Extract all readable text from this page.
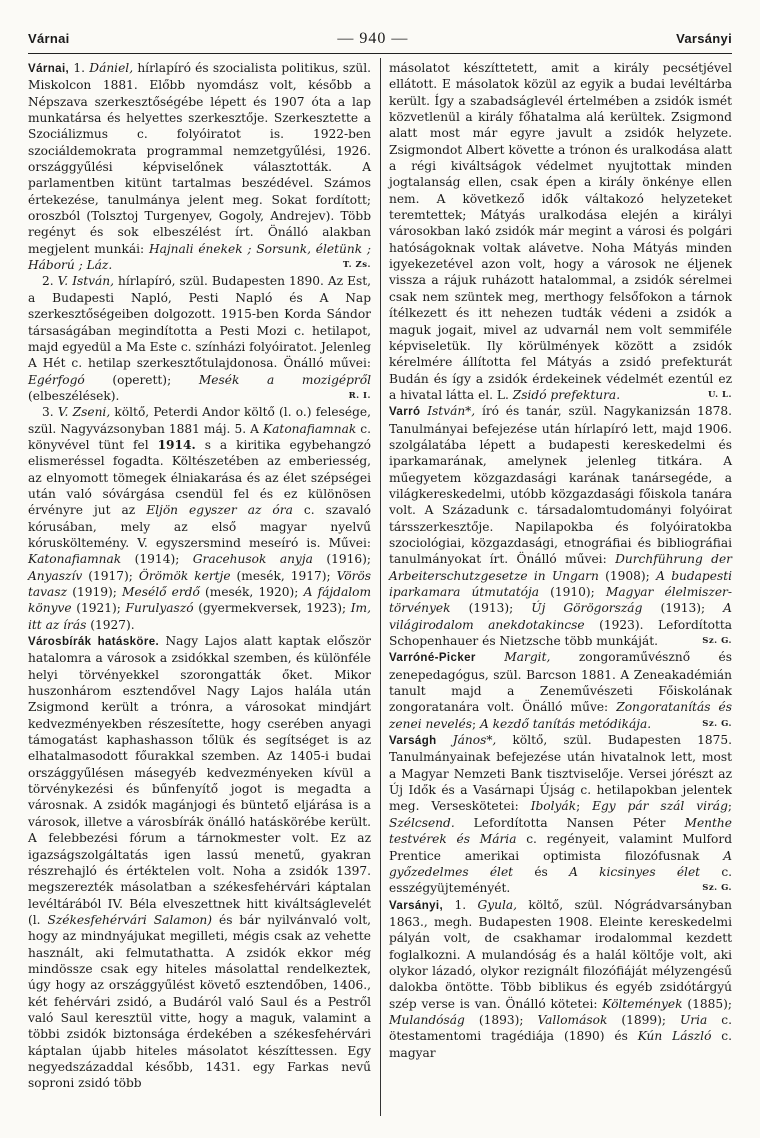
Várnai	— 940 —	Varsányi

Várnai, 1. Dániel, hírlapíró és szocialista politikus, szül. Miskolcon 1881. Előbb nyomdász volt, később a Népszava szerkesztőségébe lépett és 1907 óta a lap munkatársa és helyettes szerkesztője. Szerkesztette a Szociálizmus c. folyóiratot is. 1922-ben szociáldemokrata programmal nemzetgyűlési, 1926. országgyűlési képviselőnek választották. A parlamentben kitünt tartalmas beszédével. Számos értekezése, tanulmánya jelent meg. Sokat fordított; oroszból (Tolsztoj Turgenyev, Gogoly, Andrejev). Több regényt és sok elbeszélést írt. Önálló alakban megjelent munkái: Hajnali énekek ; Sorsunk, életünk ; Háború ; Láz.	T. Zs.

2. V. István, hírlapíró, szül. Budapesten 1890. Az Est, a Budapesti Napló, Pesti Napló és A Nap szerkesztőségeiben dolgozott. 1915-ben Korda Sándor társaságában megindította a Pesti Mozi c. hetilapot, majd egyedül a Ma Este c. színházi folyóiratot. Jelenleg A Hét c. hetilap szerkesztőtulajdonosa. Önálló művei: Egérfogó (operett); Mesék a mozigépről (elbeszélések).	R. I.

3. V. Zseni, költő, Peterdi Andor költő (l. o.) felesége, szül. Nagyvázsonyban 1881 máj. 5. A Katonafiamnak c. könyvével tünt fel 1914. s a kiritika egybehangzó elismeréssel fogadta. Költészetében az emberiesség, az elnyomott tömegek élniakarása és az élet szépségei után való sóvárgása csendül fel és ez különösen érvényre jut az Eljön egyszer az óra c. szavaló kórusában, mely az első magyar nyelvű kórusköltemény. V. egyszersmind meseíró is. Művei: Katonafiamnak (1914); Gracehusok anyja (1916); Anyaszív (1917); Örömök kertje (mesék, 1917); Vörös tavasz (1919); Mesélő erdő (mesék, 1920); A fájdalom könyve (1921); Furulyaszó (gyermekversek, 1923); Im, itt az írás (1927).

Városbírák hatásköre. Nagy Lajos alatt kaptak először hatalomra a városok a zsidókkal szemben, és különféle helyi törvényekkel szorongatták őket. Mikor huszonhárom esztendővel Nagy Lajos halála után Zsigmond került a trónra, a városokat mindjárt kedvezményekben részesítette, hogy cserében anyagi támogatást kaphashasson tőlük és segítséget is az elhatalmasodott főurakkal szemben. Az 1405-i budai országgyűlésen másegyéb kedvezményeken kívül a törvénykezési és bűnfenyítő jogot is megadta a városnak. A zsidók magánjogi és büntető eljárása is a városok, illetve a városbírák önálló hatáskörébe került. A felebbezési fórum a tárnokmester volt. Ez az igazságszolgáltatás igen lassú menetű, gyakran részrehajló és értéktelen volt. Noha a zsidók 1397. megszerezték másolatban a székesfehérvári káptalan levéltárából IV. Béla elveszettnek hitt kiváltságlevelét (l. Székesfehérvári Salamon) és bár nyilvánvaló volt, hogy az mindnyájukat megilleti, mégis csak az vehette használt, aki felmutathatta. A zsidók ekkor még mindössze csak egy hiteles másolattal rendelkeztek, úgy hogy az országgyűlést követő esztendőben, 1406., két fehérvári zsidó, a Budáról való Saul és a Pestről való Saul keresztül vitte, hogy a maguk, valamint a többi zsidók biztonsága érdekében a székesfehérvári káptalan újabb hiteles másolatot készíttessen. Egy negyedszázaddal később, 1431. egy Farkas nevű soproni zsidó több

másolatot készíttetett, amit a király pecsétjével ellátott. E másolatok közül az egyik a budai levéltárba került. Így a szabadságlevél értelmében a zsidók ismét közvetlenül a király főhatalma alá kerültek. Zsigmond alatt most már egyre javult a zsidók helyzete. Zsigmondot Albert követte a trónon és uralkodása alatt a régi kiváltságok védelmet nyujtottak minden jogtalanság ellen, csak épen a király önkénye ellen nem. A következő idők váltakozó helyzeteket teremtettek; Mátyás uralkodása elején a királyi városokban lakó zsidók már megint a városi és polgári hatóságoknak voltak alávetve. Noha Mátyás minden igyekezetével azon volt, hogy a városok ne éljenek vissza a rájuk ruházott hatalommal, a zsidók sérelmei csak nem szüntek meg, merthogy felsőfokon a tárnok ítélkezett és itt nehezen tudták védeni a zsidók a maguk jogait, mivel az udvarnál nem volt semmiféle képviseletük. Ily körülmények között a zsidók kérelmére állította fel Mátyás a zsidó prefekturát Budán és így a zsidók érdekeinek védelmét ezentúl ez a hivatal látta el. L. Zsidó prefektura.	U. L.

Varró István*, író és tanár, szül. Nagykanizsán 1878. Tanulmányai befejezése után hírlapíró lett, majd 1906. szolgálatába lépett a budapesti kereskedelmi és iparkamarának, amelynek jelenleg titkára. A műegyetem közgazdasági karának tanársegéde, a világkereskedelmi, utóbb közgazdasági főiskola tanára volt. A Századunk c. társadalomtudományi folyóirat társszerkesztője. Napilapokba és folyóiratokba szociológiai, közgazdasági, etnográfiai és bibliográfiai tanulmányokat írt. Önálló művei: Durchführung der Arbeiterschutzgesetze in Ungarn (1908); A budapesti iparkamara útmutatója (1910); Magyar élelmiszer-törvények (1913); Új Görögország (1913); A világirodalom anekdotakincse (1923). Lefordította Schopenhauer és Nietzsche több munkáját.	Sz. G.

Varróné-Picker Margit, zongoraművésznő és zenepedagógus, szül. Barcson 1881. A Zeneakadémián tanult majd a Zeneművészeti Főiskolának zongoratanára volt. Önálló műve: Zongoratanítás és zenei nevelés; A kezdő tanítás metódikája.	Sz. G.

Varságh János*, költő, szül. Budapesten 1875. Tanulmányainak befejezése után hivatalnok lett, most a Magyar Nemzeti Bank tisztviselője. Versei jórészt az Új Idők és a Vasárnapi Újság c. hetilapokban jelentek meg. Verseskötetei: Ibolyák; Egy pár szál virág; Szélcsend. Lefordította Nansen Péter Menthe testvérek és Mária c. regényeit, valamint Mulford Prentice amerikai optimista filozófusnak A győzedelmes élet és A kicsinyes élet c. esszégyüjteményét.	Sz. G.

Varsányi, 1. Gyula, költő, szül. Nógrádvarsányban 1863., megh. Budapesten 1908. Eleinte kereskedelmi pályán volt, de csakhamar irodalommal kezdett foglalkozni. A mulandóság és a halál költője volt, aki olykor lázadó, olykor rezignált filozófiáját mélyzengésű dalokba öntötte. Több biblikus és egyéb zsidótárgyú szép verse is van. Önálló kötetei: Költemények (1885); Mulandóság (1893); Vallomások (1899); Uria c. ötestamentomi tragédiája (1890) és Kún László c. magyar
